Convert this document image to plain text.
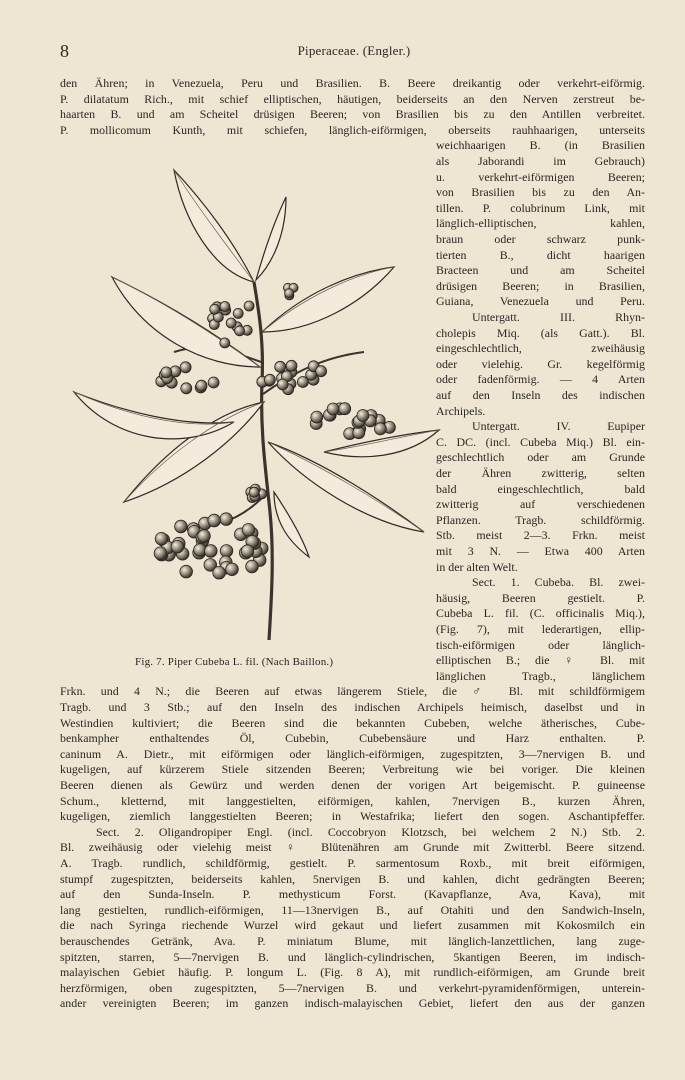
8	Piperaceae. (Engler.)
den Ähren; in Venezuela, Peru und Brasilien. B. Beere dreikantig oder verkehrt-eiförmig.
P. dilatatum Rich., mit schief elliptischen, häutigen, beiderseits an den Nerven zerstreut be-
haarten B. und am Scheitel drüsigen Beeren; von Brasilien bis zu den Antillen verbreitet.
P. mollicomum Kunth, mit schiefen, länglich-eiförmigen, oberseits rauhhaarigen, unterseits
weichhaarigen B. (in Brasilien
als Jaborandi im Gebrauch)
u. verkehrt-eiförmigen Beeren;
von Brasilien bis zu den An-
tillen. P. colubrinum Link, mit
länglich-elliptischen, kahlen,
braun oder schwarz punk-
tierten B., dicht haarigen
Bracteen und am Scheitel
drüsigen Beeren; in Brasilien,
Guiana, Venezuela und Peru.
Untergatt. III. Rhyn-
cholepis Miq. (als Gatt.). Bl.
eingeschlechtlich, zweihäusig
oder vielehig. Gr. kegelförmig
oder fadenförmig. — 4 Arten
auf den Inseln des indischen
Archipels.
Untergatt. IV. Eupiper
C. DC. (incl. Cubeba Miq.) Bl. ein-
geschlechtlich oder am Grunde
der Ähren zwitterig, selten
bald eingeschlechtlich, bald
zwitterig auf verschiedenen
Pflanzen. Tragb. schildförmig.
Stb. meist 2—3. Frkn. meist
mit 3 N. — Etwa 400 Arten
in der alten Welt.
Sect. 1. Cubeba. Bl. zwei-
häusig, Beeren gestielt. P.
Cubeba L. fil. (C. officinalis Miq.),
(Fig. 7), mit lederartigen, ellip-
tisch-eiförmigen oder länglich-
elliptischen B.; die ♀ Bl. mit
länglichen Tragb., länglichem
Frkn. und 4 N.; die Beeren auf etwas längerem Stiele, die ♂ Bl. mit schildförmigem
Tragb. und 3 Stb.; auf den Inseln des indischen Archipels heimisch, daselbst und in
Westindien kultiviert; die Beeren sind die bekannten Cubeben, welche ätherisches, Cube-
benkampher enthaltendes Öl, Cubebin, Cubebensäure und Harz enthalten. P.
caninum A. Dietr., mit eiförmigen oder länglich-eiförmigen, zugespitzten, 3—7nervigen B. und
kugeligen, auf kürzerem Stiele sitzenden Beeren; Verbreitung wie bei voriger. Die kleinen
Beeren dienen als Gewürz und werden denen der vorigen Art beigemischt. P. guineense
Schum., kletternd, mit langgestielten, eiförmigen, kahlen, 7nervigen B., kurzen Ähren,
kugeligen, ziemlich langgestielten Beeren; in Westafrika; liefert den sogen. Aschantipfeffer.
Sect. 2. Oligandropiper Engl. (incl. Coccobryon Klotzsch, bei welchem 2 N.) Stb. 2.
Bl. zweihäusig oder vielehig meist ♀ Blütenähren am Grunde mit Zwitterbl. Beere sitzend.
A. Tragb. rundlich, schildförmig, gestielt. P. sarmentosum Roxb., mit breit eiförmigen,
stumpf zugespitzten, beiderseits kahlen, 5nervigen B. und kahlen, dicht gedrängten Beeren;
auf den Sunda-Inseln. P. methysticum Forst. (Kavapflanze, Ava, Kava), mit
lang gestielten, rundlich-eiförmigen, 11—13nervigen B., auf Otahiti und den Sandwich-Inseln,
die nach Syringa riechende Wurzel wird gekaut und liefert zusammen mit Kokosmilch ein
berauschendes Getränk, Ava. P. miniatum Blume, mit länglich-lanzettlichen, lang zuge-
spitzten, starren, 5—7nervigen B. und länglich-cylindrischen, 5kantigen Beeren, im indisch-
malayischen Gebiet häufig. P. longum L. (Fig. 8 A), mit rundlich-eiförmigen, am Grunde breit
herzförmigen, oben zugespitzten, 5—7nervigen B. und verkehrt-pyramidenförmigen, unterein-
ander vereinigten Beeren; im ganzen indisch-malayischen Gebiet, liefert den aus der ganzen
Fig. 7. Piper Cubeba L. fil. (Nach Baillon.)
